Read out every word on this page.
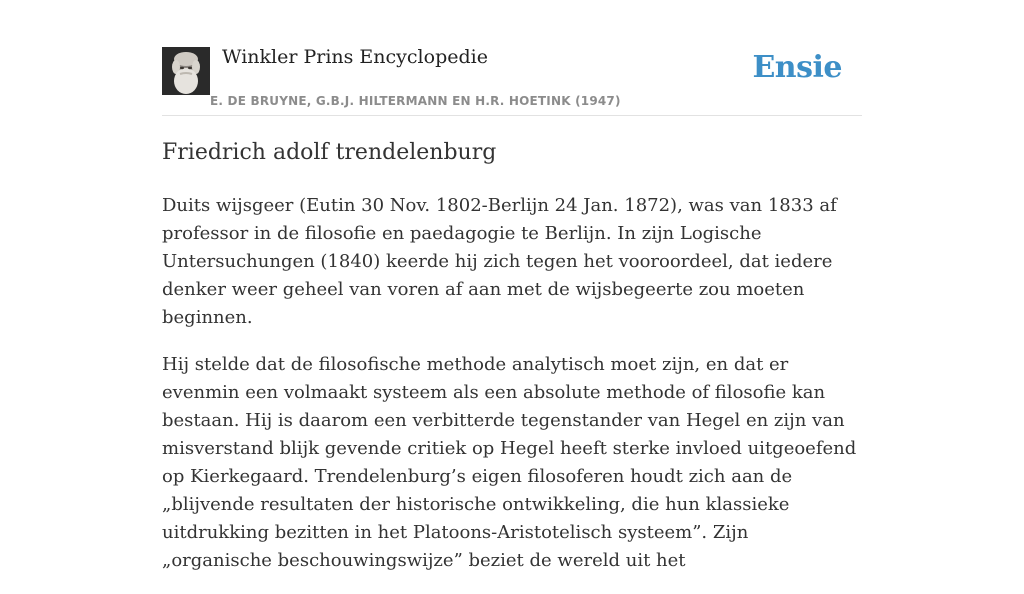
Winkler Prins Encyclopedie
E. DE BRUYNE, G.B.J. HILTERMANN EN H.R. HOETINK (1947)
Ensie
Friedrich adolf trendelenburg

Duits wijsgeer (Eutin 30 Nov. 1802-Berlijn 24 Jan. 1872), was van 1833 af professor in de filosofie en paedagogie te Berlijn. In zijn Logische Untersuchungen (1840) keerde hij zich tegen het vooroordeel, dat iedere denker weer geheel van voren af aan met de wijsbegeerte zou moeten beginnen.

Hij stelde dat de filosofische methode analytisch moet zijn, en dat er evenmin een volmaakt systeem als een absolute methode of filosofie kan bestaan. Hij is daarom een verbitterde tegenstander van Hegel en zijn van misverstand blijk gevende critiek op Hegel heeft sterke invloed uitgeoefend op Kierkegaard. Trendelenburg’s eigen filosoferen houdt zich aan de „blijvende resultaten der historische ontwikkeling, die hun klassieke uitdrukking bezitten in het Platoons-Aristotelisch systeem”. Zijn „organische beschouwingswijze” beziet de wereld uit het
